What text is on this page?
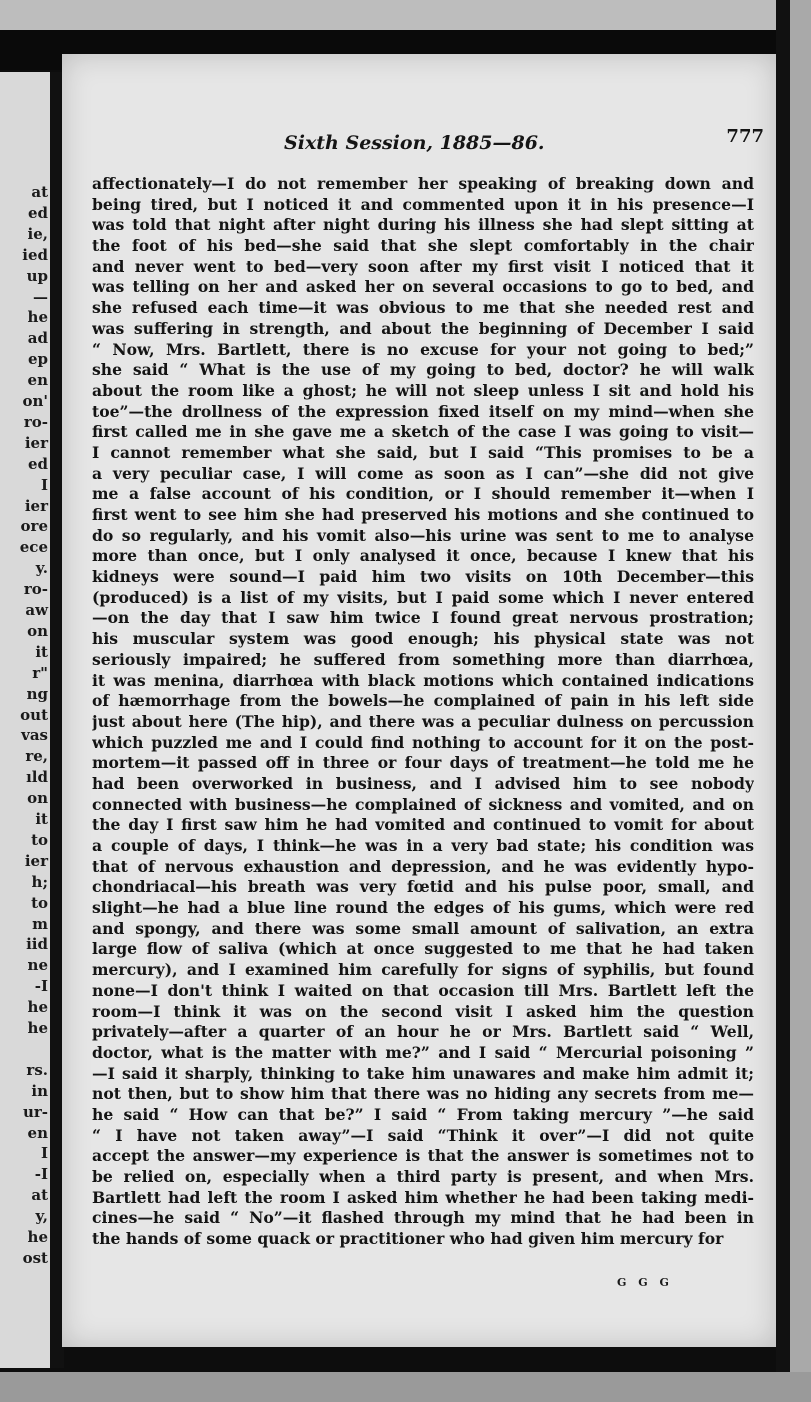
at
ed
ie,
ied
up
—
he
ad
ep
en
on'
ro-
ier
ed
I
ier
ore
ece
y.
ro-
aw
on
it
r"
ng
out
vas
re,
ıld
on
it
to
ier
h;
to
m
iid
ne
-I
he
he
rs.
in
ur-
en
I
-I
at
y,
he
ost
Sixth Session, 1885—86.	777
affectionately—I do not remember her speaking of breaking down and
being tired, but I noticed it and commented upon it in his presence—I
was told that night after night during his illness she had slept sitting at
the foot of his bed—she said that she slept comfortably in the chair
and never went to bed—very soon after my first visit I noticed that it
was telling on her and asked her on several occasions to go to bed, and
she refused each time—it was obvious to me that she needed rest and
was suffering in strength, and about the beginning of December I said
“ Now, Mrs. Bartlett, there is no excuse for your not going to bed;”
she said “ What is the use of my going to bed, doctor? he will walk
about the room like a ghost; he will not sleep unless I sit and hold his
toe”—the drollness of the expression fixed itself on my mind—when she
first called me in she gave me a sketch of the case I was going to visit—
I cannot remember what she said, but I said “This promises to be a
a very peculiar case, I will come as soon as I can”—she did not give
me a false account of his condition, or I should remember it—when I
first went to see him she had preserved his motions and she continued to
do so regularly, and his vomit also—his urine was sent to me to analyse
more than once, but I only analysed it once, because I knew that his
kidneys were sound—I paid him two visits on 10th December—this
(produced) is a list of my visits, but I paid some which I never entered
—on the day that I saw him twice I found great nervous prostration;
his muscular system was good enough; his physical state was not
seriously impaired; he suffered from something more than diarrhœa,
it was menina, diarrhœa with black motions which contained indications
of hæmorrhage from the bowels—he complained of pain in his left side
just about here (The hip), and there was a peculiar dulness on percussion
which puzzled me and I could find nothing to account for it on the post-
mortem—it passed off in three or four days of treatment—he told me he
had been overworked in business, and I advised him to see nobody
connected with business—he complained of sickness and vomited, and on
the day I first saw him he had vomited and continued to vomit for about
a couple of days, I think—he was in a very bad state; his condition was
that of nervous exhaustion and depression, and he was evidently hypo-
chondriacal—his breath was very fœtid and his pulse poor, small, and
slight—he had a blue line round the edges of his gums, which were red
and spongy, and there was some small amount of salivation, an extra
large flow of saliva (which at once suggested to me that he had taken
mercury), and I examined him carefully for signs of syphilis, but found
none—I don't think I waited on that occasion till Mrs. Bartlett left the
room—I think it was on the second visit I asked him the question
privately—after a quarter of an hour he or Mrs. Bartlett said “ Well,
doctor, what is the matter with me?” and I said “ Mercurial poisoning ”
—I said it sharply, thinking to take him unawares and make him admit it;
not then, but to show him that there was no hiding any secrets from me—
he said “ How can that be?” I said “ From taking mercury ”—he said
“ I have not taken away”—I said “Think it over”—I did not quite
accept the answer—my experience is that the answer is sometimes not to
be relied on, especially when a third party is present, and when Mrs.
Bartlett had left the room I asked him whether he had been taking medi-
cines—he said “ No”—it flashed through my mind that he had been in
the hands of some quack or practitioner who had given him mercury for
G G G
